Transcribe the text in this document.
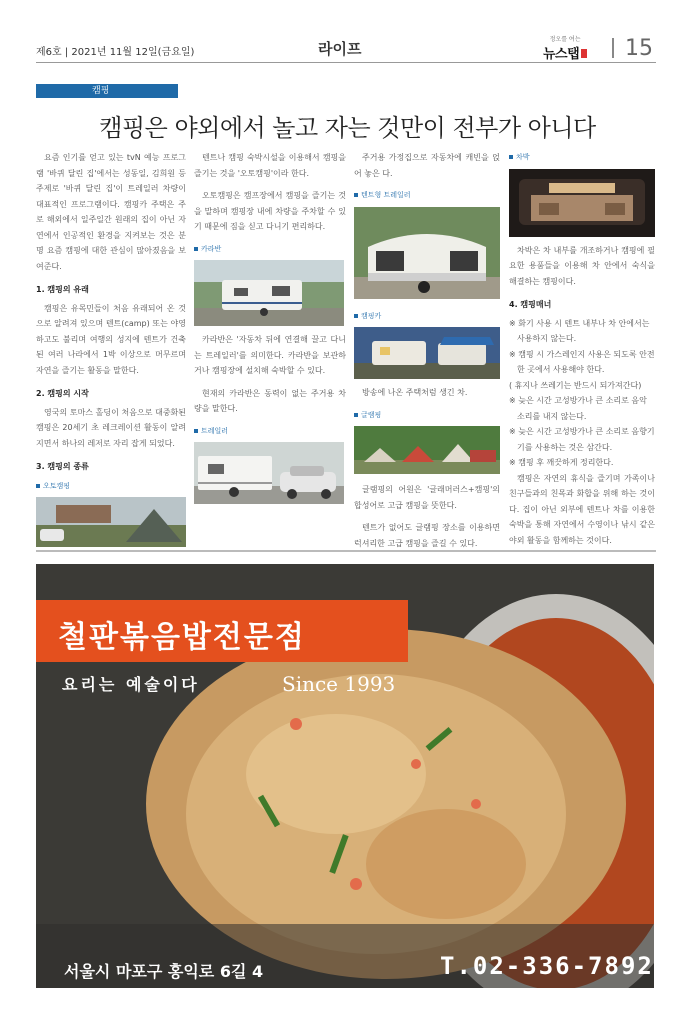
제6호 | 2021년 11월 12일(금요일)	라이프
정오를 여는
뉴스탭	15
캠핑
캠핑은 야외에서 놀고 자는 것만이 전부가 아니다

요즘 인기를 얻고 있는 tvN 예능 프로그램 '바퀴 달린 집'에서는 성동일, 김희원 등 주제로 '바퀴 달린 집'이 트레일러 차량이 대표적인 프로그램이다. 캠핑카 주택은 주로 해외에서 일주일간 원래의 집이 아닌 자연에서 인공적인 환경을 지켜보는 것은 분명 요즘 캠핑에 대한 관심이 많아졌음을 보여준다.

1. 캠핑의 유래

캠핑은 유목민들이 처음 유래되어 온 것으로 알려져 있으며 텐트(camp) 또는 야영하고도 불리며 여행의 성지에 텐트가 건축된 여러 나라에서 1박 이상으로 머무르며 자연을 즐기는 활동을 말한다.

2. 캠핑의 시작

영국의 토마스 홀딩이 처음으로 대중화된 캠핑은 20세기 초 레크레이션 활동이 알려지면서 하나의 레저로 자리 잡게 되었다.

3. 캠핑의 종류
오토캠핑

텐트나 캠핑 숙박시설을 이용해서 캠핑을 즐기는 것을 '오토캠핑'이라 한다.

오토캠핑은 캠프장에서 캠핑을 즐기는 것을 말하며 캠핑장 내에 차량을 주차할 수 있기 때문에 짐을 싣고 다니기 편리하다.

카라반

카라반은 '자동차 뒤에 연결해 끌고 다니는 트레일러'를 의미한다. 카라반을 보관하거나 캠핑장에 설치해 숙박할 수 있다.

현재의 카라반은 동력이 없는 주거용 차량을 말한다.

트레일러

주거용 가정집으로 자동차에 캐빈을 얹어 놓은 다.

텐트형 트레일러
캠핑카

방송에 나온 주택처럼 생긴 차.

글램핑

글램핑의 어원은 '글래머러스+캠핑'의 합성어로 고급 캠핑을 뜻한다.

텐트가 없어도 글램핑 장소를 이용하면 럭셔리한 고급 캠핑을 즐길 수 있다.

차박

차박은 차 내부를 개조하거나 캠핑에 필요한 용품들을 이용해 차 안에서 숙식을 해결하는 캠핑이다.

4. 캠핑매너
※ 화기 사용 시 텐트 내부나 차 안에서는 사용하지 않는다.
※ 캠핑 시 가스레인지 사용은 되도록 안전한 곳에서 사용해야 한다.
( 휴지나 쓰레기는 반드시 되가져간다)
※ 늦은 시간 고성방가나 큰 소리로 음악 소리를 내지 않는다.
※ 늦은 시간 고성방가나 큰 소리로 음향기기를 사용하는 것은 삼간다.
※ 캠핑 후 깨끗하게 정리한다.

캠핑은 자연의 휴식을 즐기며 가족이나 친구들과의 친목과 화합을 위해 하는 것이다. 집이 아닌 외부에 텐트나 차를 이용한 숙박을 통해 자연에서 수영이나 낚시 같은 야외 활동을 함께하는 것이다.

철판볶음밥전문점
요리는 예술이다	Since 1993
서울시 마포구 홍익로 6길 4	T.02-336-7892
